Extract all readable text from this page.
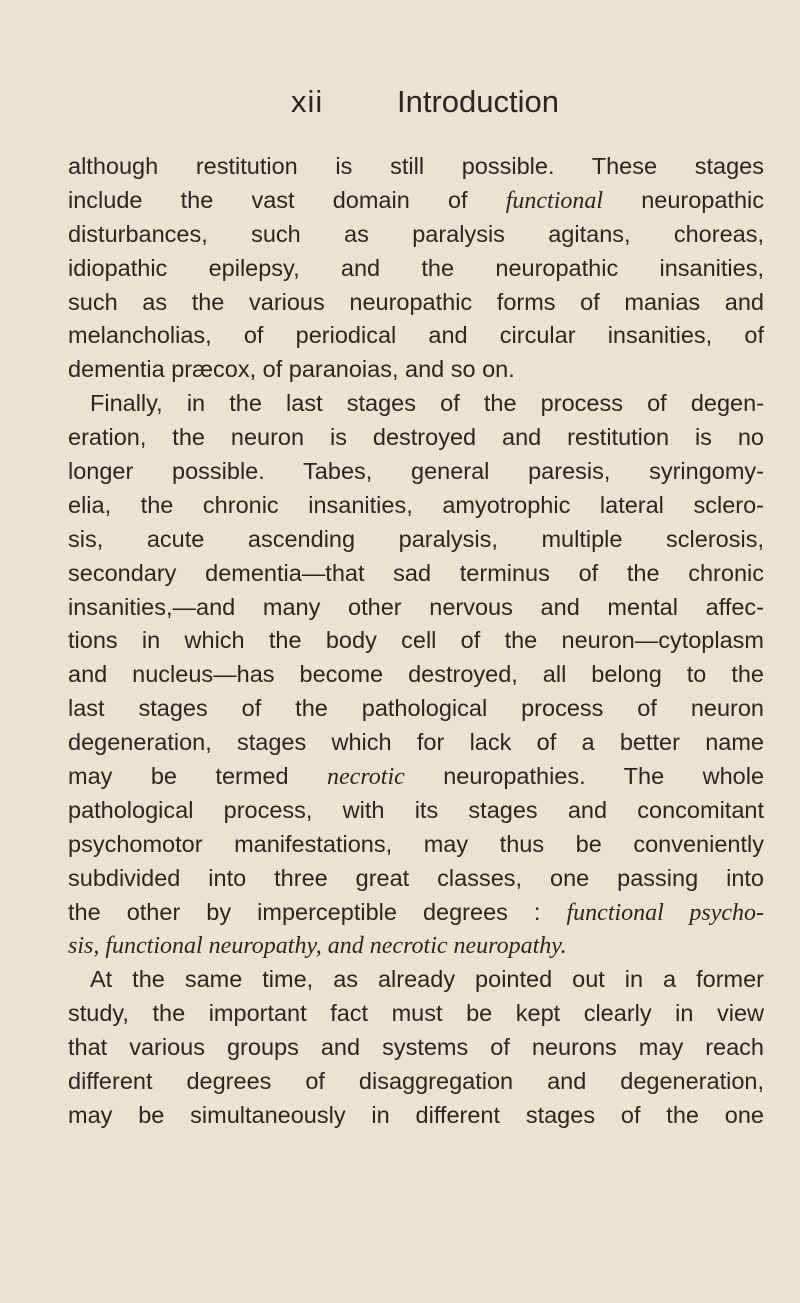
xii Introduction
although restitution is still possible. These stages
include the vast domain of functional neuropathic
disturbances, such as paralysis agitans, choreas,
idiopathic epilepsy, and the neuropathic insanities,
such as the various neuropathic forms of manias and
melancholias, of periodical and circular insanities, of
dementia præcox, of paranoias, and so on.
Finally, in the last stages of the process of degen-
eration, the neuron is destroyed and restitution is no
longer possible. Tabes, general paresis, syringomy-
elia, the chronic insanities, amyotrophic lateral sclero-
sis, acute ascending paralysis, multiple sclerosis,
secondary dementia—that sad terminus of the chronic
insanities,—and many other nervous and mental affec-
tions in which the body cell of the neuron—cytoplasm
and nucleus—has become destroyed, all belong to the
last stages of the pathological process of neuron
degeneration, stages which for lack of a better name
may be termed necrotic neuropathies. The whole
pathological process, with its stages and concomitant
psychomotor manifestations, may thus be conveniently
subdivided into three great classes, one passing into
the other by imperceptible degrees : functional psycho-
sis, functional neuropathy, and necrotic neuropathy.
At the same time, as already pointed out in a former
study, the important fact must be kept clearly in view
that various groups and systems of neurons may reach
different degrees of disaggregation and degeneration,
may be simultaneously in different stages of the one
